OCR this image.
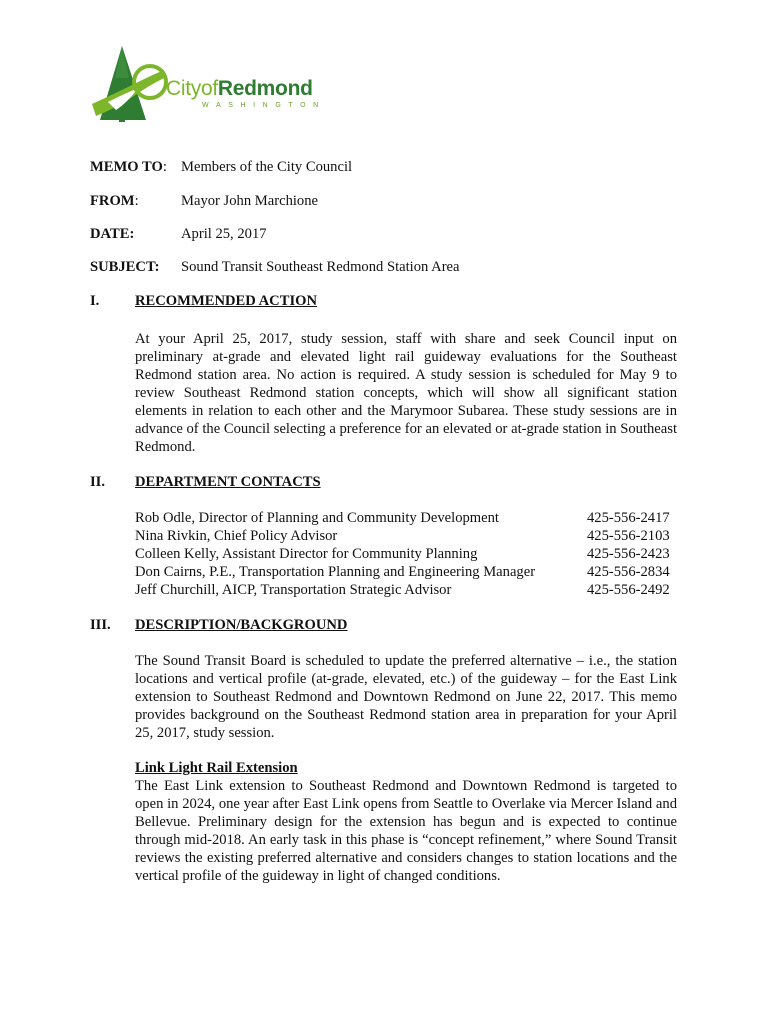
CityofRedmond
WASHINGTON
MEMO TO: Members of the City Council
FROM:	Mayor John Marchione
DATE:	April 25, 2017
SUBJECT: Sound Transit Southeast Redmond Station Area
I. RECOMMENDED ACTION
At your April 25, 2017, study session, staff with share and seek Council input on preliminary at-grade and elevated light rail guideway evaluations for the Southeast Redmond station area. No action is required. A study session is scheduled for May 9 to review Southeast Redmond station concepts, which will show all significant station elements in relation to each other and the Marymoor Subarea. These study sessions are in advance of the Council selecting a preference for an elevated or at-grade station in Southeast Redmond.
II. DEPARTMENT CONTACTS
Rob Odle, Director of Planning and Community Development	425-556-2417
Nina Rivkin, Chief Policy Advisor	425-556-2103
Colleen Kelly, Assistant Director for Community Planning	425-556-2423
Don Cairns, P.E., Transportation Planning and Engineering Manager	425-556-2834
Jeff Churchill, AICP, Transportation Strategic Advisor	425-556-2492
III. DESCRIPTION/BACKGROUND
The Sound Transit Board is scheduled to update the preferred alternative – i.e., the station locations and vertical profile (at-grade, elevated, etc.) of the guideway – for the East Link extension to Southeast Redmond and Downtown Redmond on June 22, 2017. This memo provides background on the Southeast Redmond station area in preparation for your April 25, 2017, study session.
Link Light Rail Extension
The East Link extension to Southeast Redmond and Downtown Redmond is targeted to open in 2024, one year after East Link opens from Seattle to Overlake via Mercer Island and Bellevue. Preliminary design for the extension has begun and is expected to continue through mid-2018. An early task in this phase is “concept refinement,” where Sound Transit reviews the existing preferred alternative and considers changes to station locations and the vertical profile of the guideway in light of changed conditions.
